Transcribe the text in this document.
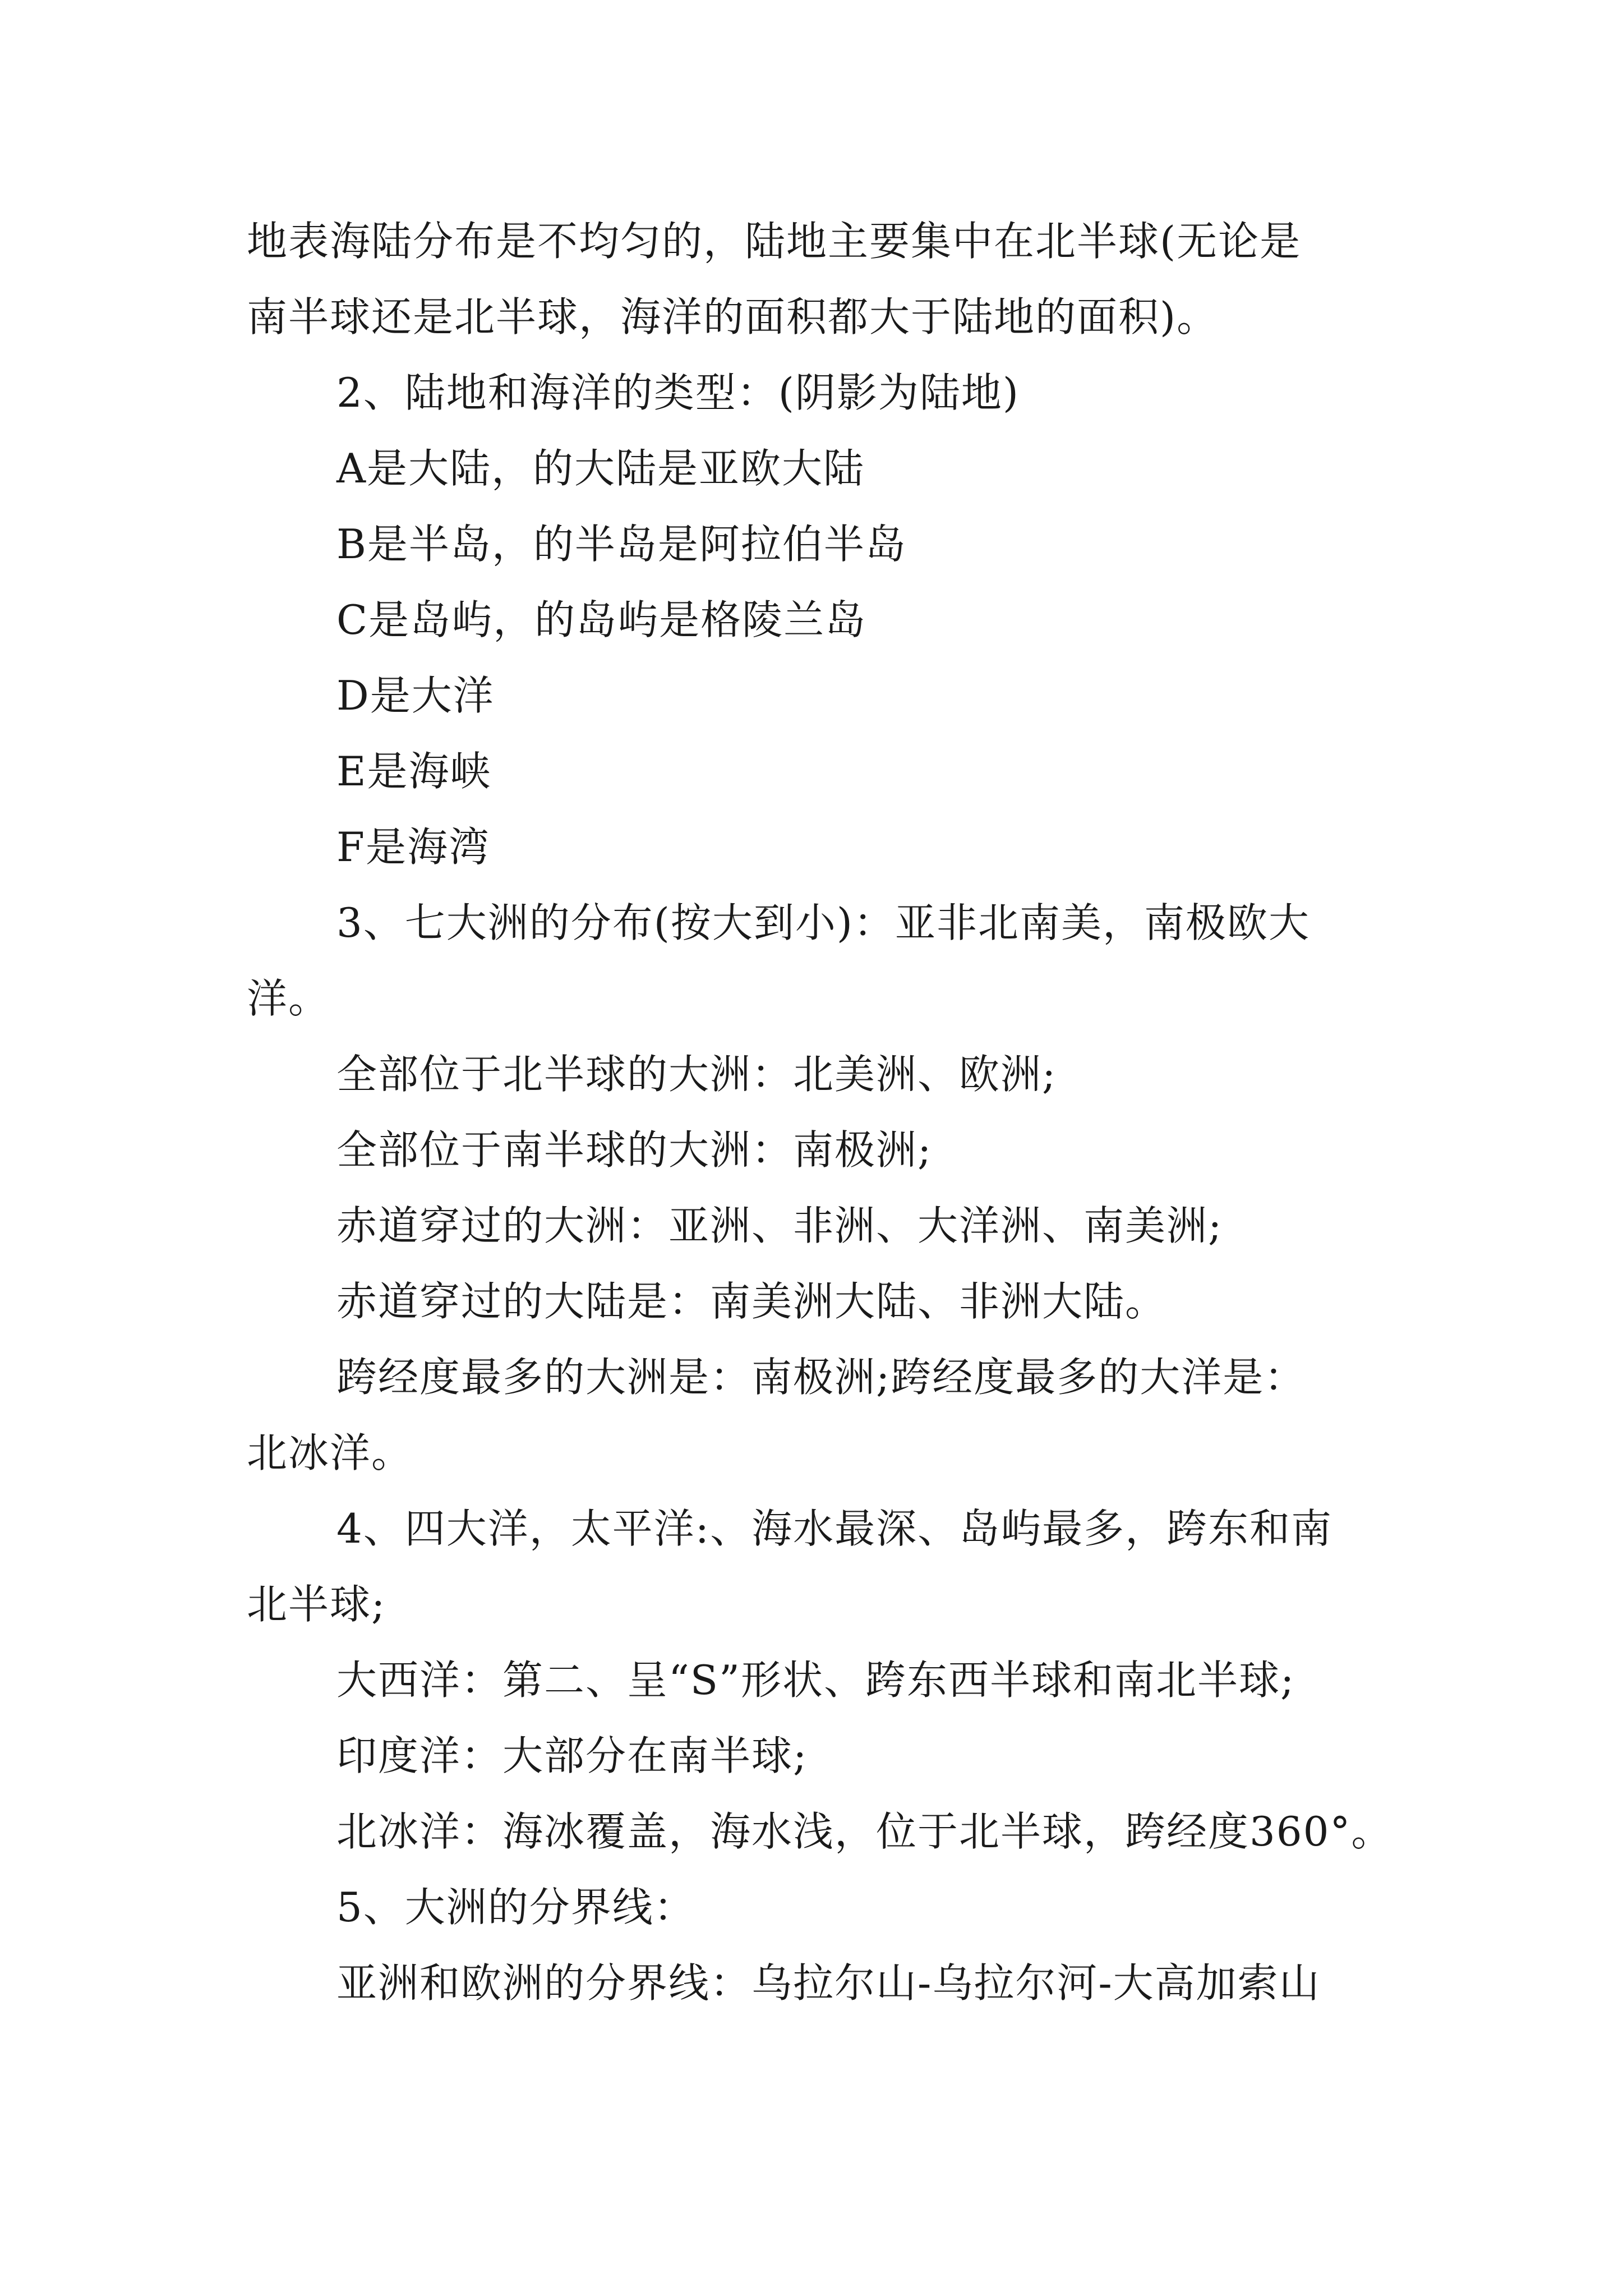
地表海陆分布是不均匀的，陆地主要集中在北半球(无论是
南半球还是北半球，海洋的面积都大于陆地的面积)。
2、陆地和海洋的类型：(阴影为陆地)
A是大陆，的大陆是亚欧大陆
B是半岛，的半岛是阿拉伯半岛
C是岛屿，的岛屿是格陵兰岛
D是大洋
E是海峡
F是海湾
3、七大洲的分布(按大到小)：亚非北南美，南极欧大
洋。
全部位于北半球的大洲：北美洲、欧洲;
全部位于南半球的大洲：南极洲;
赤道穿过的大洲：亚洲、非洲、大洋洲、南美洲;
赤道穿过的大陆是：南美洲大陆、非洲大陆。
跨经度最多的大洲是：南极洲;跨经度最多的大洋是：
北冰洋。
4、四大洋，太平洋:、海水最深、岛屿最多，跨东和南
北半球;
大西洋：第二、呈“S”形状、跨东西半球和南北半球;
印度洋：大部分在南半球;
北冰洋：海冰覆盖，海水浅，位于北半球，跨经度360°。
5、大洲的分界线：
亚洲和欧洲的分界线：乌拉尔山-乌拉尔河-大高加索山
